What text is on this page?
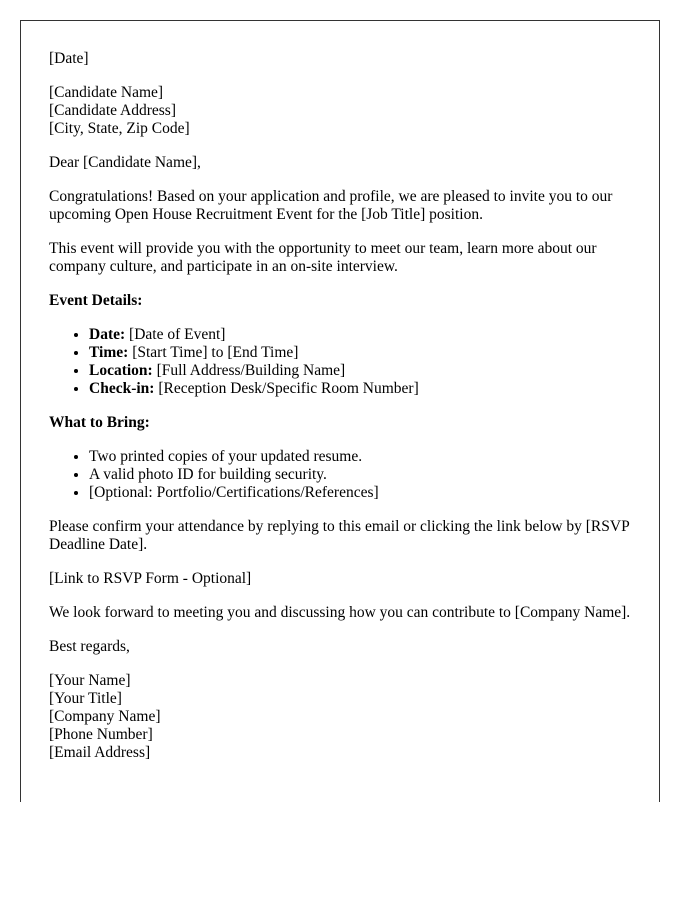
[Date]

[Candidate Name]
[Candidate Address]
[City, State, Zip Code]

Dear [Candidate Name],

Congratulations! Based on your application and profile, we are pleased to invite you to our upcoming Open House Recruitment Event for the [Job Title] position.

This event will provide you with the opportunity to meet our team, learn more about our company culture, and participate in an on-site interview.

Event Details:

• Date: [Date of Event]
• Time: [Start Time] to [End Time]
• Location: [Full Address/Building Name]
• Check-in: [Reception Desk/Specific Room Number]

What to Bring:

• Two printed copies of your updated resume.
• A valid photo ID for building security.
• [Optional: Portfolio/Certifications/References]

Please confirm your attendance by replying to this email or clicking the link below by [RSVP Deadline Date].

[Link to RSVP Form - Optional]

We look forward to meeting you and discussing how you can contribute to [Company Name].

Best regards,

[Your Name]
[Your Title]
[Company Name]
[Phone Number]
[Email Address]
